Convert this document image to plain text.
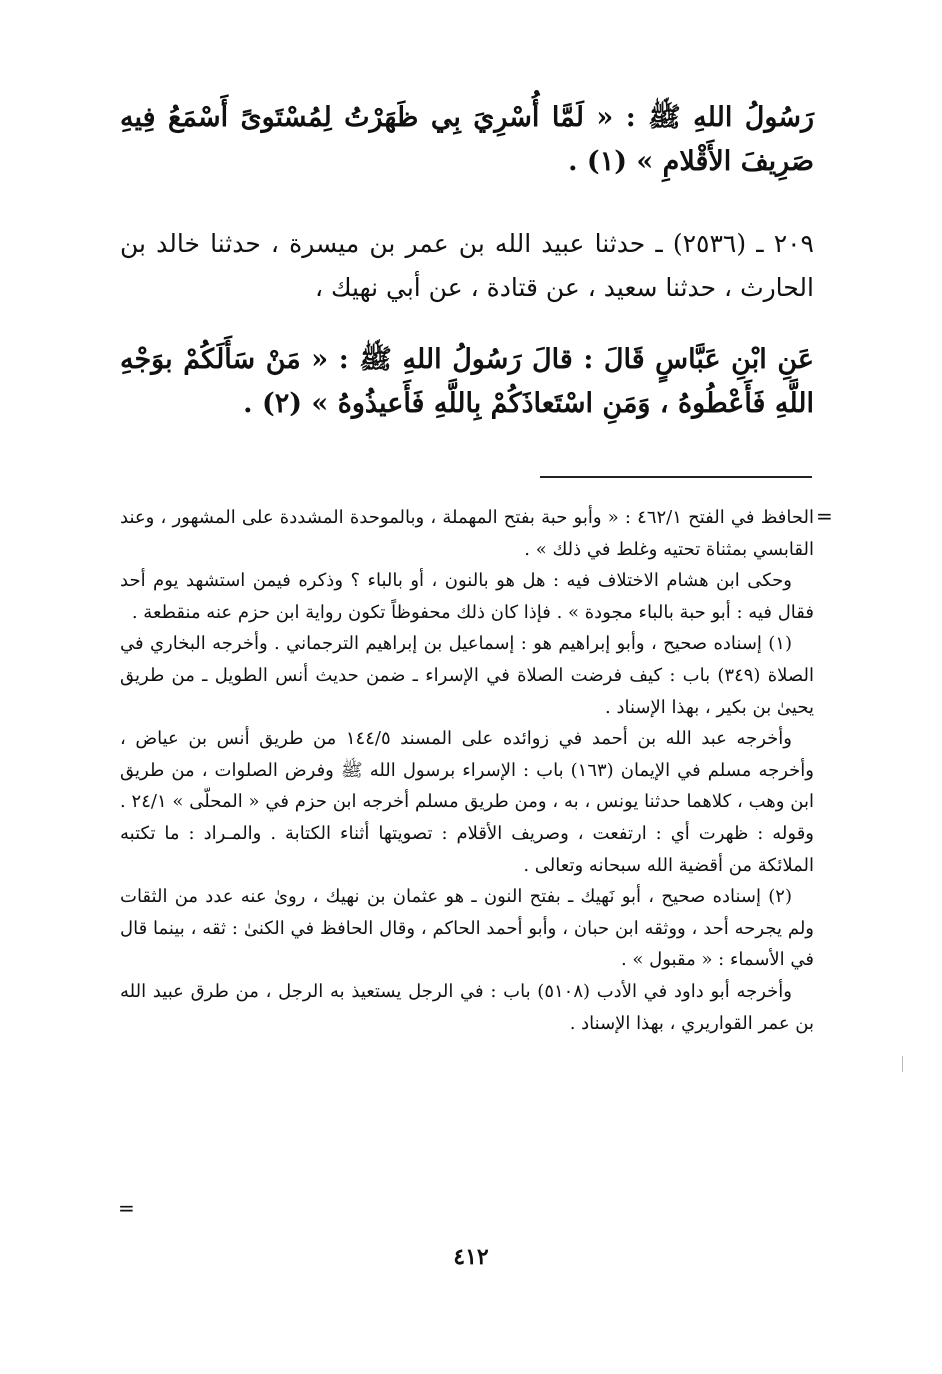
رَسُولُ اللهِ ﷺ : « لَمَّا أُسْرِيَ بِي ظَهَرْتُ لِمُسْتَوىً أَسْمَعُ فِيهِ صَرِيفَ الأَقْلامِ » (١) .
٢٠٩ ـ (٢٥٣٦) ـ حدثنا عبيد الله بن عمر بن ميسرة ، حدثنا خالد بن الحارث ، حدثنا سعيد ، عن قتادة ، عن أبي نهيك ،
عَنِ ابْنِ عَبَّاسٍ قَالَ : قالَ رَسُولُ اللهِ ﷺ : « مَنْ سَأَلَكُمْ بوَجْهِ اللَّهِ فَأَعْطُوهُ ، وَمَنِ اسْتَعاذَكُمْ بِاللَّهِ فَأَعيذُوهُ » (٢) .
=

الحافظ في الفتح ٤٦٢/١ : « وأبو حبة بفتح المهملة ، وبالموحدة المشددة على المشهور ، وعند القابسي بمثناة تحتيه وغلط في ذلك » .

وحكى ابن هشام الاختلاف فيه : هل هو بالنون ، أو بالباء ؟ وذكره فيمن استشهد يوم أحد فقال فيه : أبو حبة بالباء مجودة » . فإذا كان ذلك محفوظاً تكون رواية ابن حزم عنه منقطعة .

(١) إسناده صحيح ، وأبو إبراهيم هو : إسماعيل بن إبراهيم الترجماني . وأخرجه البخاري في الصلاة (٣٤٩) باب : كيف فرضت الصلاة في الإسراء ـ ضمن حديث أنس الطويل ـ من طريق يحيىٰ بن بكير ، بهذا الإسناد .

وأخرجه عبد الله بن أحمد في زوائده على المسند ١٤٤/٥ من طريق أنس بن عياض ، وأخرجه مسلم في الإيمان (١٦٣) باب : الإسراء برسول الله ﷺ وفرض الصلوات ، من طريق ابن وهب ، كلاهما حدثنا يونس ، به ، ومن طريق مسلم أخرجه ابن حزم في « المحلّى » ٢٤/١ . وقوله : ظهرت أي : ارتفعت ، وصريف الأقلام : تصويتها أثناء الكتابة . والمـراد : ما تكتبه الملائكة من أقضية الله سبحانه وتعالى .

(٢) إسناده صحيح ، أبو نَهيك ـ بفتح النون ـ هو عثمان بن نهيك ، روىٰ عنه عدد من الثقات ولم يجرحه أحد ، ووثقه ابن حبان ، وأبو أحمد الحاكم ، وقال الحافظ في الكنىٰ : ثقه ، بينما قال في الأسماء : « مقبول » .

وأخرجه أبو داود في الأدب (٥١٠٨) باب : في الرجل يستعيذ به الرجل ، من طرق عبيد الله بن عمر القواريري ، بهذا الإسناد .

=
٤١٢
